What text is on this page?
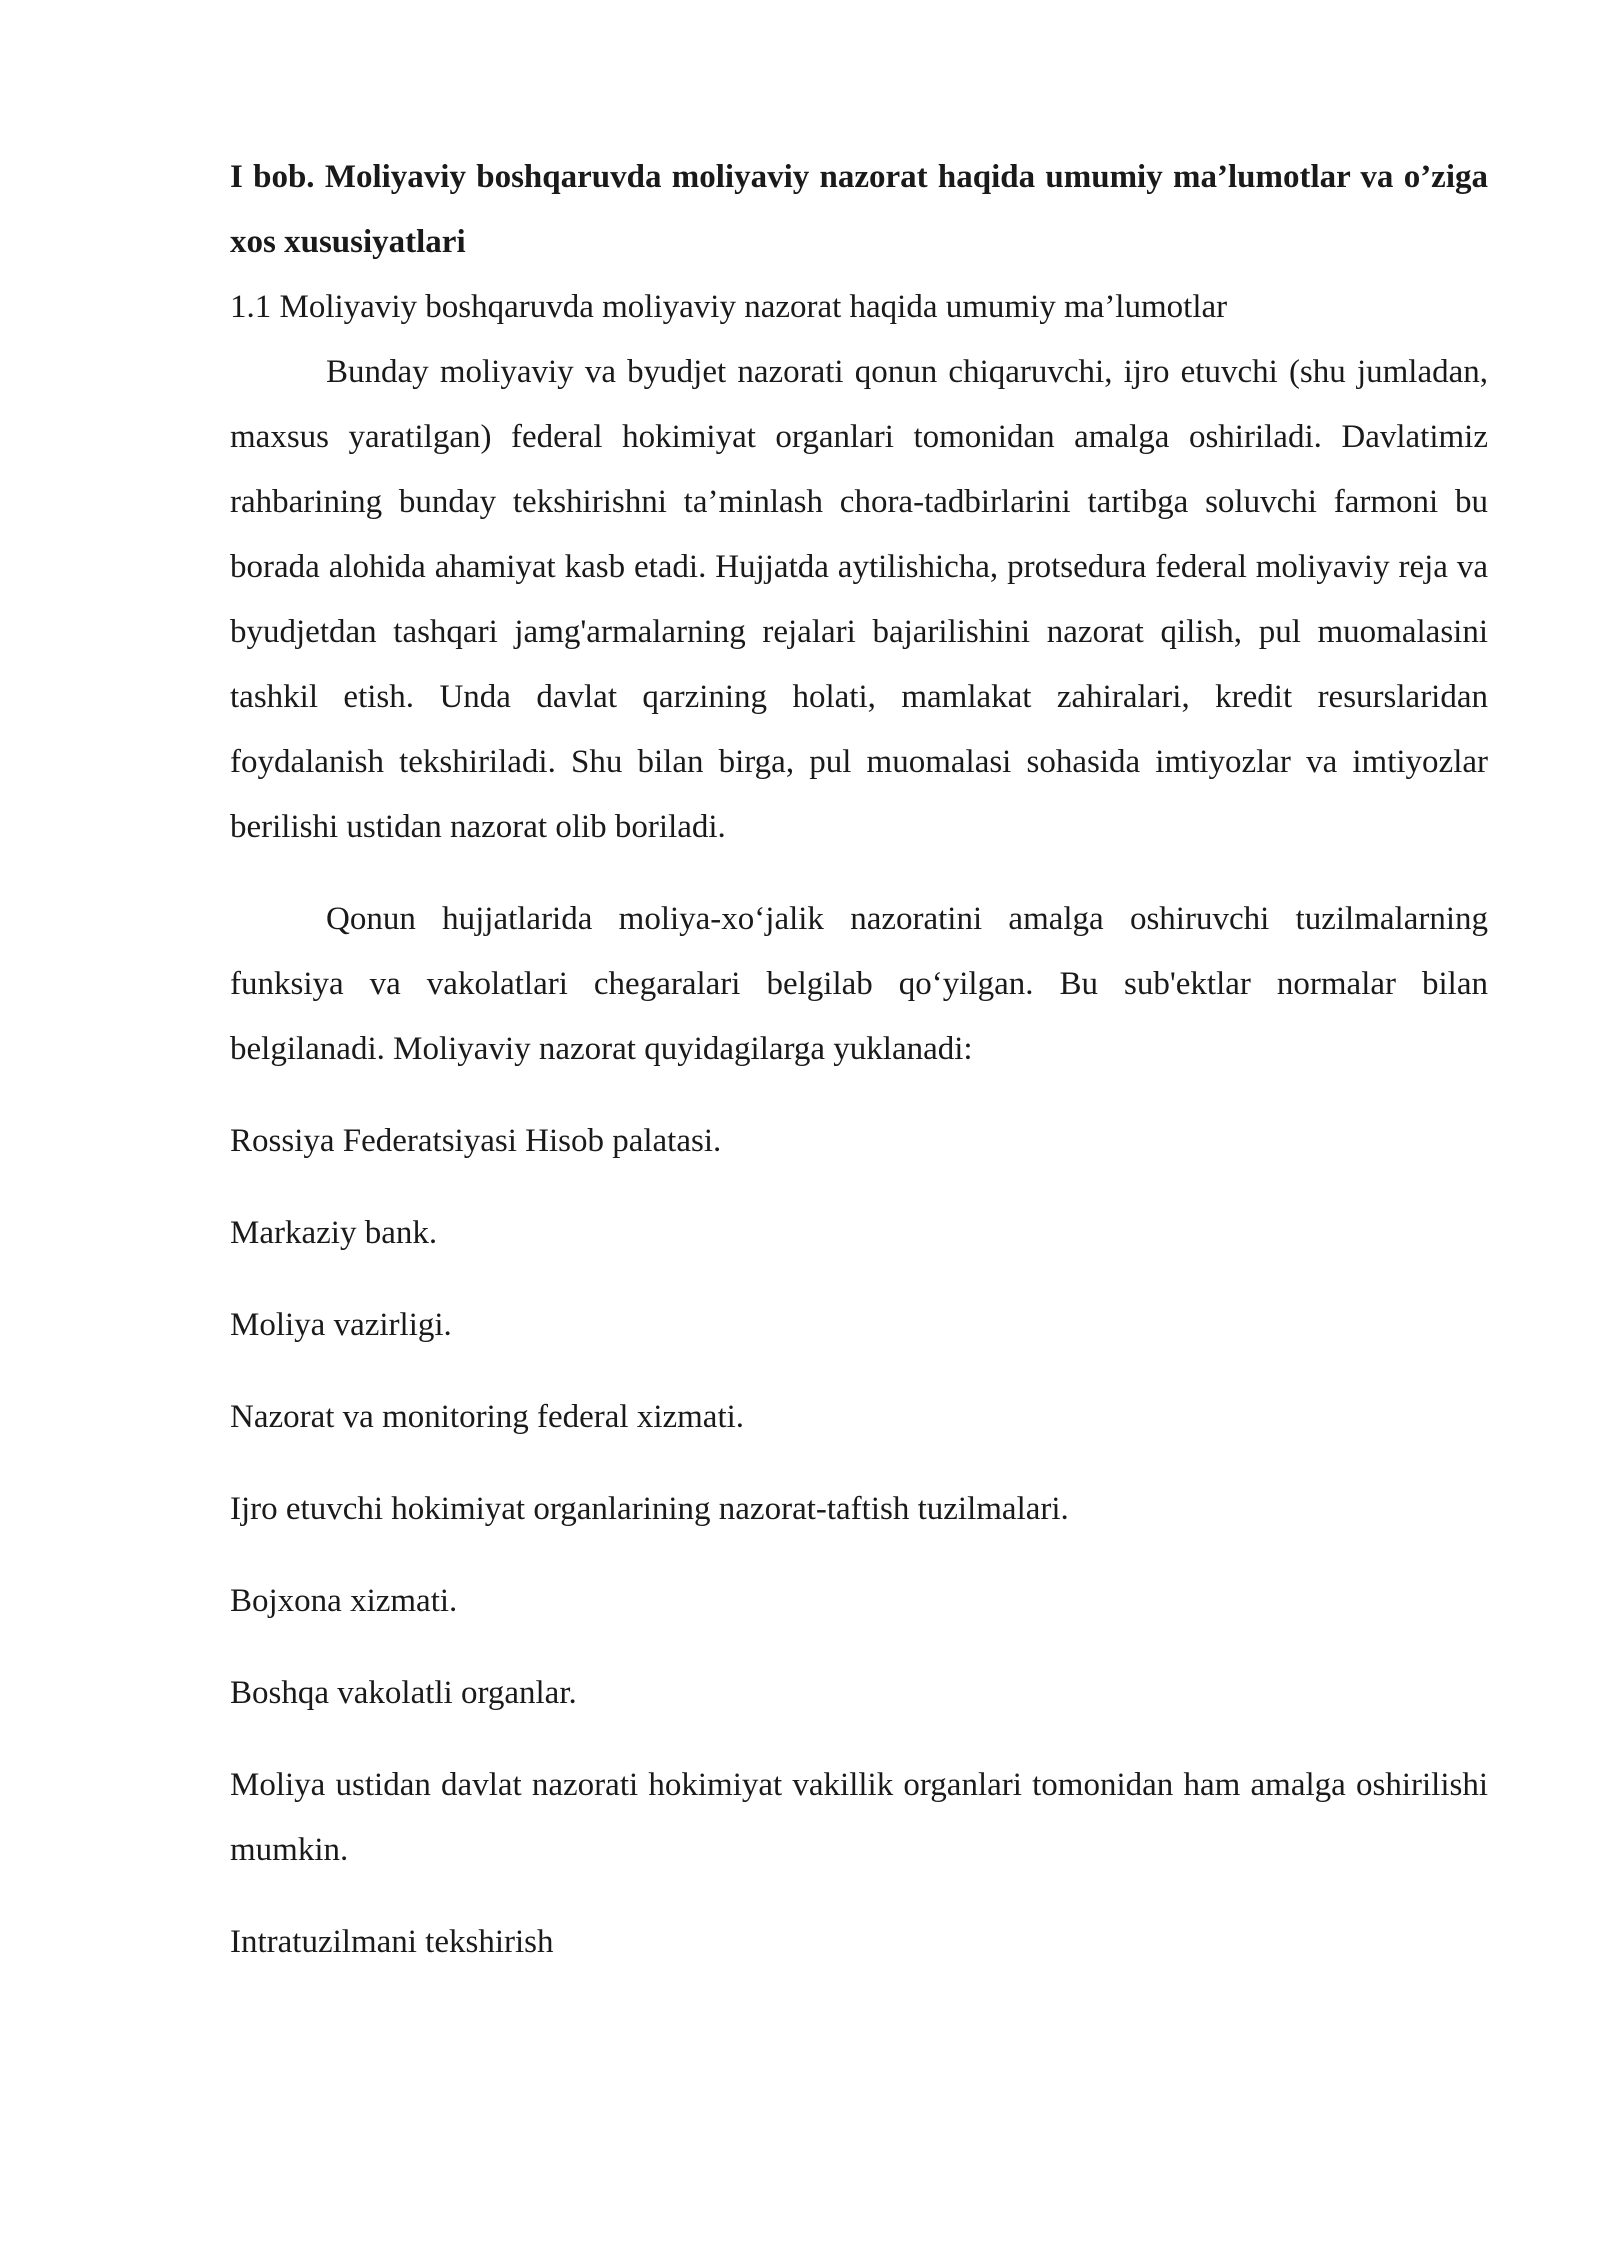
I bob. Moliyaviy boshqaruvda moliyaviy nazorat haqida umumiy ma’lumotlar va o’ziga xos xususiyatlari

1.1 Moliyaviy boshqaruvda moliyaviy nazorat haqida umumiy ma’lumotlar

Bunday moliyaviy va byudjet nazorati qonun chiqaruvchi, ijro etuvchi (shu jumladan, maxsus yaratilgan) federal hokimiyat organlari tomonidan amalga oshiriladi. Davlatimiz rahbarining bunday tekshirishni ta’minlash chora-tadbirlarini tartibga soluvchi farmoni bu borada alohida ahamiyat kasb etadi. Hujjatda aytilishicha, protsedura federal moliyaviy reja va byudjetdan tashqari jamg'armalarning rejalari bajarilishini nazorat qilish, pul muomalasini tashkil etish. Unda davlat qarzining holati, mamlakat zahiralari, kredit resurslaridan foydalanish tekshiriladi. Shu bilan birga, pul muomalasi sohasida imtiyozlar va imtiyozlar berilishi ustidan nazorat olib boriladi.

Qonun hujjatlarida moliya-xo‘jalik nazoratini amalga oshiruvchi tuzilmalarning funksiya va vakolatlari chegaralari belgilab qo‘yilgan. Bu sub'ektlar normalar bilan belgilanadi. Moliyaviy nazorat quyidagilarga yuklanadi:

Rossiya Federatsiyasi Hisob palatasi.

Markaziy bank.

Moliya vazirligi.

Nazorat va monitoring federal xizmati.

Ijro etuvchi hokimiyat organlarining nazorat-taftish tuzilmalari.

Bojxona xizmati.

Boshqa vakolatli organlar.

Moliya ustidan davlat nazorati hokimiyat vakillik organlari tomonidan ham amalga oshirilishi mumkin.

Intratuzilmani tekshirish
